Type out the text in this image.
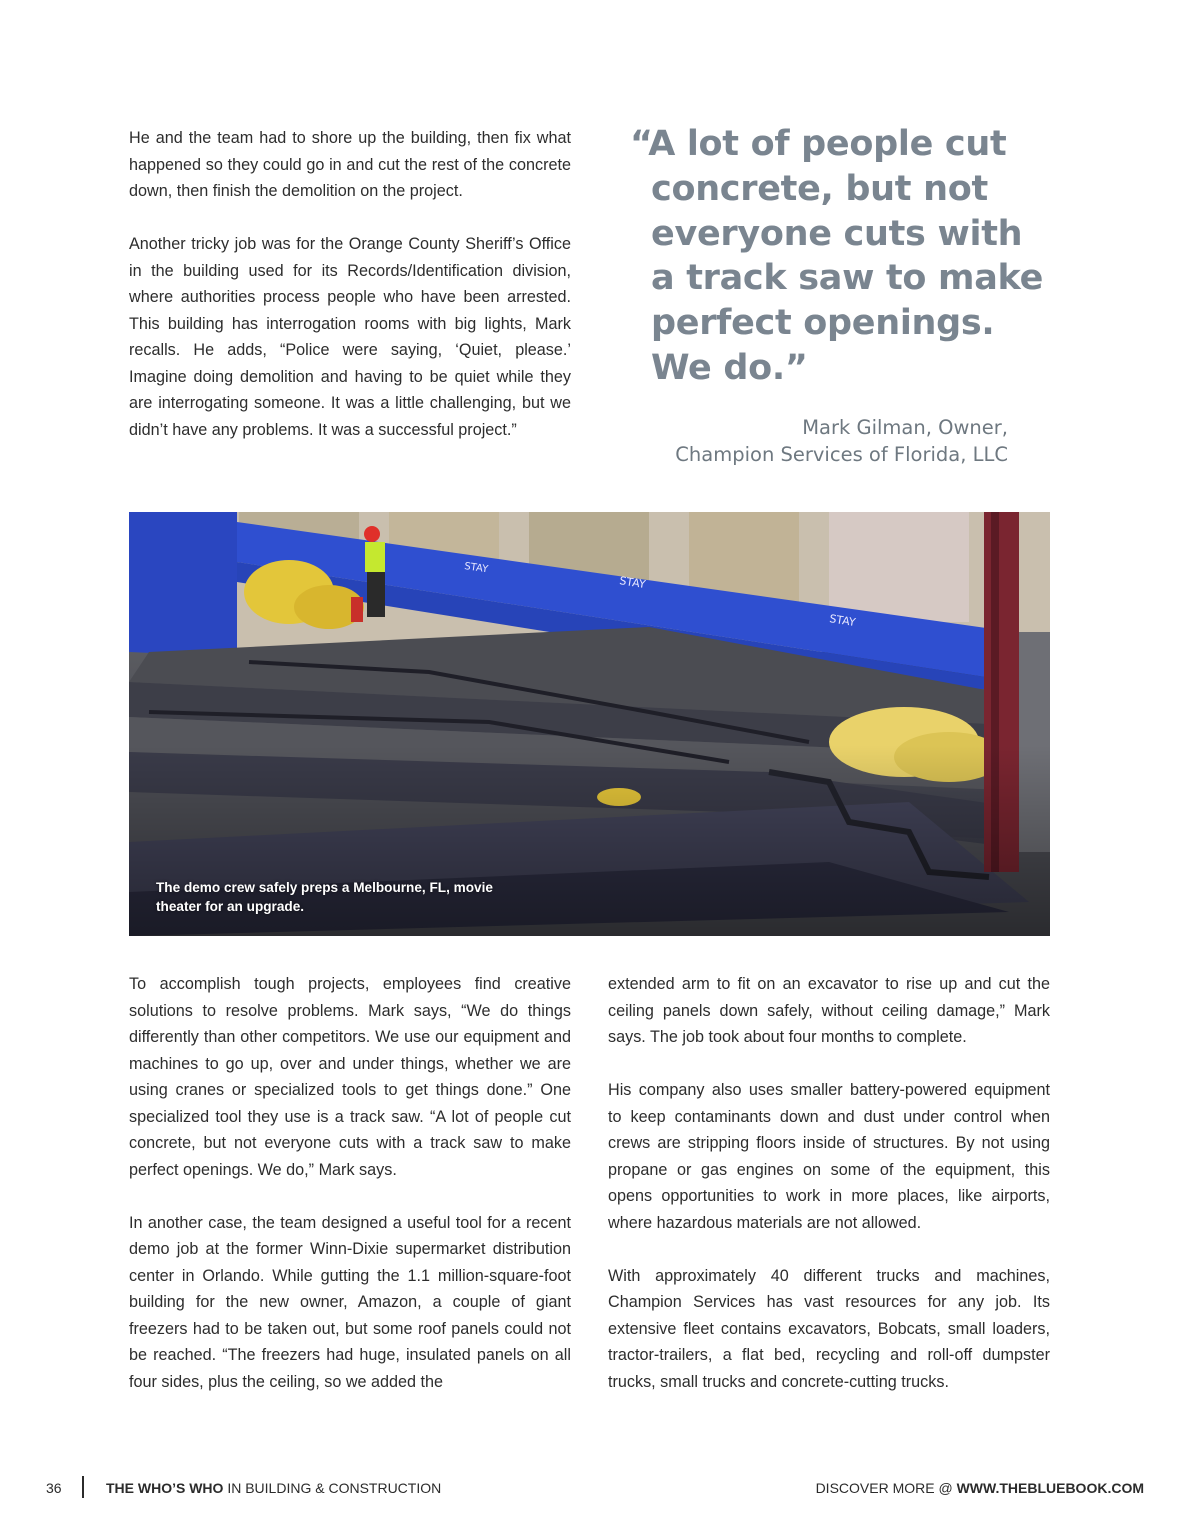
He and the team had to shore up the building, then fix what happened so they could go in and cut the rest of the concrete down, then finish the demolition on the project.

Another tricky job was for the Orange County Sheriff’s Office in the building used for its Records/Identification division, where authorities process people who have been arrested. This building has interrogation rooms with big lights, Mark recalls. He adds, “Police were saying, ‘Quiet, please.’ Imagine doing demolition and having to be quiet while they are interrogating someone. It was a little challenging, but we didn’t have any problems. It was a successful project.”

“A lot of people cut concrete, but not everyone cuts with a track saw to make perfect openings. We do.”
Mark Gilman, Owner,
Champion Services of Florida, LLC
The demo crew safely preps a Melbourne, FL, movie theater for an upgrade.

To accomplish tough projects, employees find creative solutions to resolve problems. Mark says, “We do things differently than other competitors. We use our equipment and machines to go up, over and under things, whether we are using cranes or specialized tools to get things done.” One specialized tool they use is a track saw. “A lot of people cut concrete, but not everyone cuts with a track saw to make perfect openings. We do,” Mark says.

In another case, the team designed a useful tool for a recent demo job at the former Winn-Dixie supermarket distribution center in Orlando. While gutting the 1.1 million-square-foot building for the new owner, Amazon, a couple of giant freezers had to be taken out, but some roof panels could not be reached. “The freezers had huge, insulated panels on all four sides, plus the ceiling, so we added the

extended arm to fit on an excavator to rise up and cut the ceiling panels down safely, without ceiling damage,” Mark says. The job took about four months to complete.

His company also uses smaller battery-powered equipment to keep contaminants down and dust under control when crews are stripping floors inside of structures. By not using propane or gas engines on some of the equipment, this opens opportunities to work in more places, like airports, where hazardous materials are not allowed.

With approximately 40 different trucks and machines, Champion Services has vast resources for any job. Its extensive fleet contains excavators, Bobcats, small loaders, tractor-trailers, a flat bed, recycling and roll-off dumpster trucks, small trucks and concrete-cutting trucks.

36	THE WHO’S WHO IN BUILDING & CONSTRUCTION	DISCOVER MORE @ WWW.THEBLUEBOOK.COM
